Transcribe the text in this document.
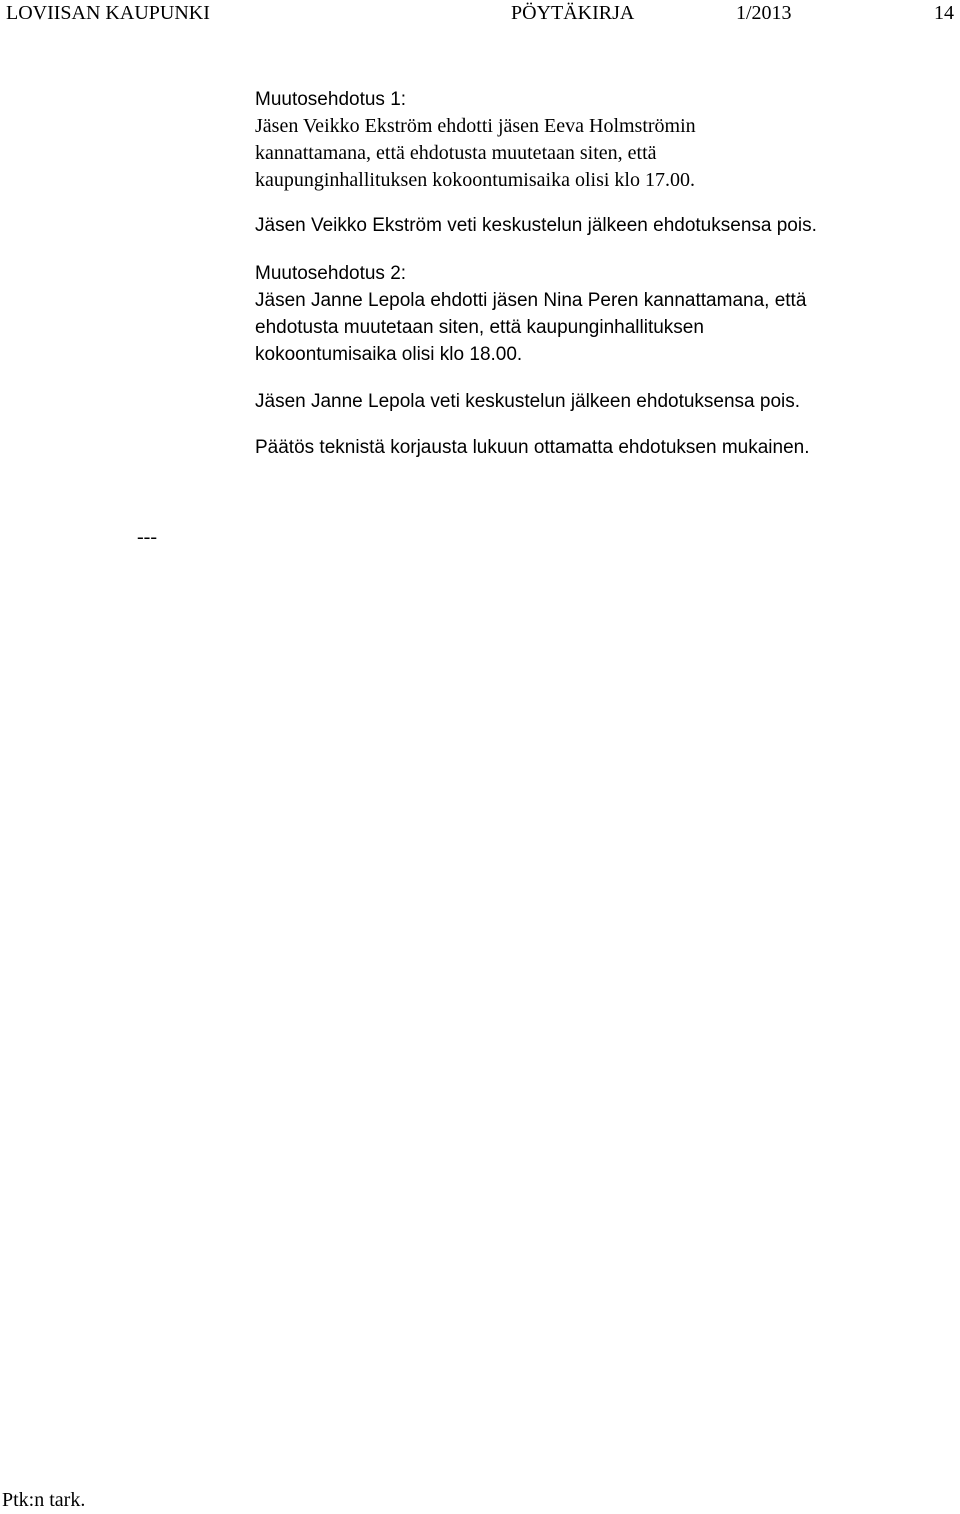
LOVIISAN KAUPUNKI	PÖYTÄKIRJA	1/2013	14

Muutosehdotus 1:

Jäsen Veikko Ekström ehdotti jäsen Eeva Holmströmin

kannattamana, että ehdotusta muutetaan siten, että

kaupunginhallituksen kokoontumisaika olisi klo 17.00.

Jäsen Veikko Ekström veti keskustelun jälkeen ehdotuksensa pois.

Muutosehdotus 2:

Jäsen Janne Lepola ehdotti jäsen Nina Peren kannattamana, että

ehdotusta muutetaan siten, että kaupunginhallituksen

kokoontumisaika olisi klo 18.00.

Jäsen Janne Lepola veti keskustelun jälkeen ehdotuksensa pois.

Päätös teknistä korjausta lukuun ottamatta ehdotuksen mukainen.

---
Ptk:n tark.
